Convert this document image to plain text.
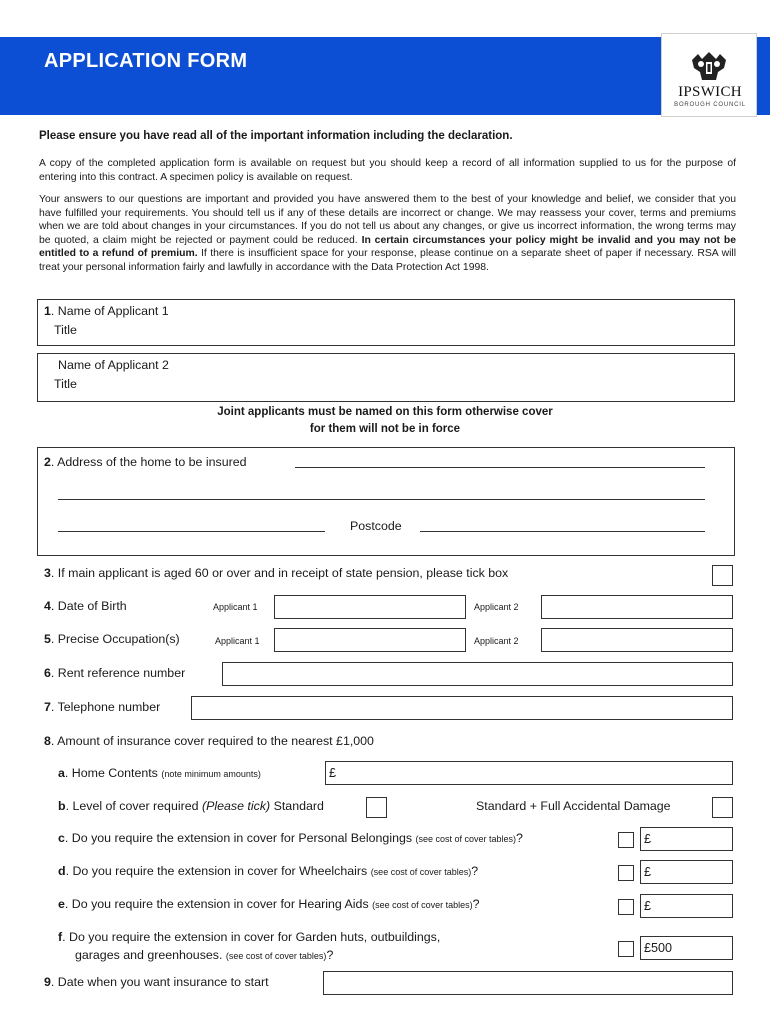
APPLICATION FORM
IPSWICH
BOROUGH COUNCIL
Please ensure you have read all of the important information including the declaration.
A copy of the completed application form is available on request but you should keep a record of all information supplied to us for the purpose of entering into this contract. A specimen policy is available on request.
Your answers to our questions are important and provided you have answered them to the best of your knowledge and belief, we consider that you have fulfilled your requirements. You should tell us if any of these details are incorrect or change. We may reassess your cover, terms and premiums when we are told about changes in your circumstances. If you do not tell us about any changes, or give us incorrect information, the wrong terms may be quoted, a claim might be rejected or payment could be reduced. In certain circumstances your policy might be invalid and you may not be entitled to a refund of premium. If there is insufficient space for your response, please continue on a separate sheet of paper if necessary. RSA will treat your personal information fairly and lawfully in accordance with the Data Protection Act 1998.
1. Name of Applicant 1
Title
Name of Applicant 2
Title
Joint applicants must be named on this form otherwise cover
for them will not be in force
2. Address of the home to be insured
Postcode
3. If main applicant is aged 60 or over and in receipt of state pension, please tick box
4. Date of Birth	Applicant 1	Applicant 2
5. Precise Occupation(s)	Applicant 1	Applicant 2
6. Rent reference number
7. Telephone number
8. Amount of insurance cover required to the nearest £1,000
a. Home Contents (note minimum amounts)	£
b. Level of cover required (Please tick) Standard	Standard + Full Accidental Damage
c. Do you require the extension in cover for Personal Belongings (see cost of cover tables)?	£
d. Do you require the extension in cover for Wheelchairs (see cost of cover tables)?	£
e. Do you require the extension in cover for Hearing Aids (see cost of cover tables)?	£
f. Do you require the extension in cover for Garden huts, outbuildings,
garages and greenhouses. (see cost of cover tables)?	£500
9. Date when you want insurance to start
